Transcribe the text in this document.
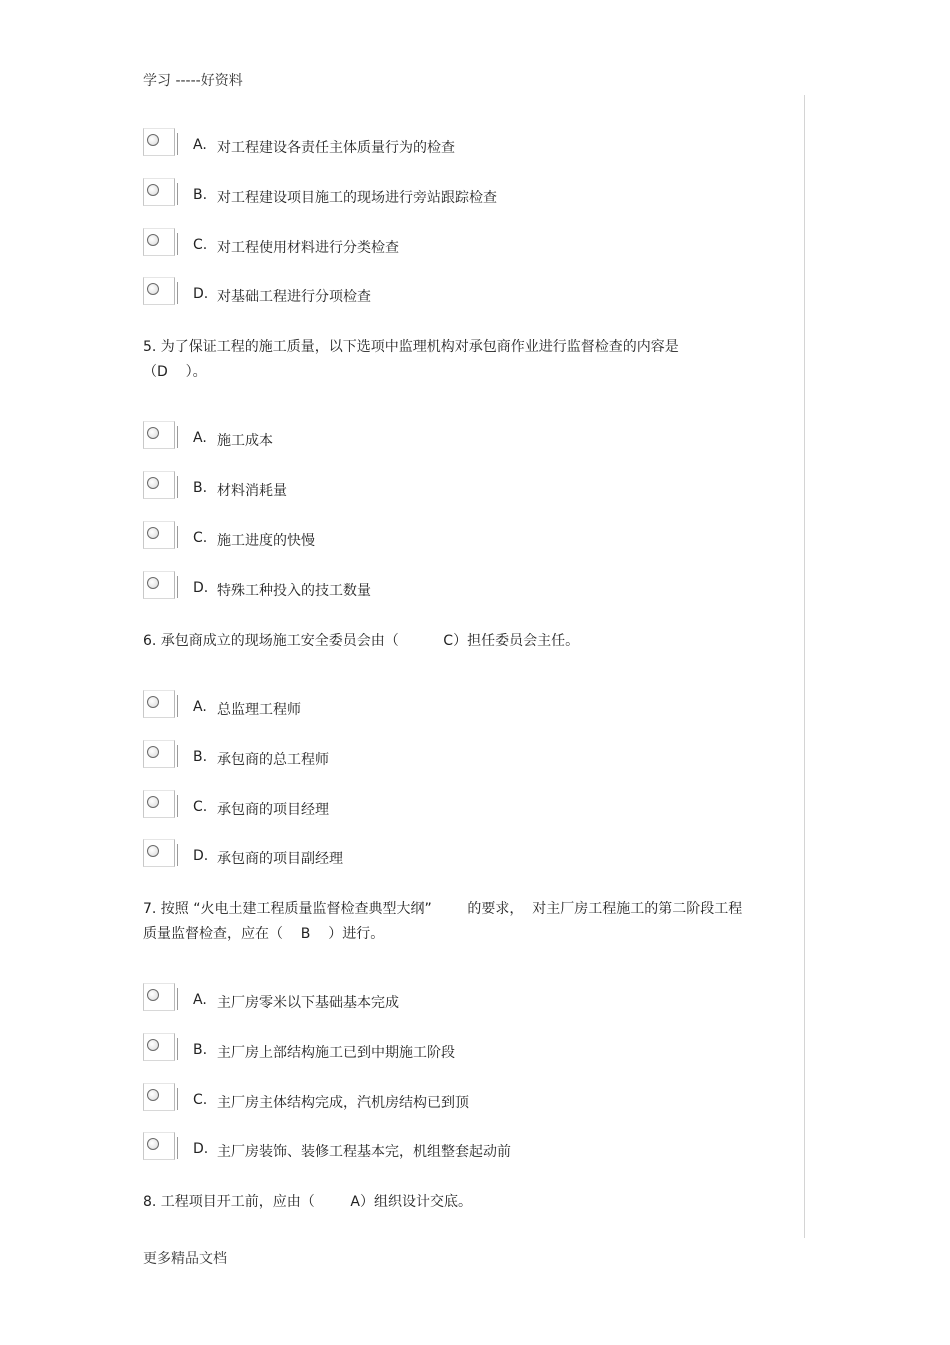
学习 -----好资料
A. 对工程建设各责任主体质量行为的检查
B. 对工程建设项目施工的现场进行旁站跟踪检查
C. 对工程使用材料进行分类检查
D. 对基础工程进行分项检查
5. 为了保证工程的施工质量，以下选项中监理机构对承包商作业进行监督检查的内容是
（D    ）。
A. 施工成本
B. 材料消耗量
C. 施工进度的快慢
D. 特殊工种投入的技工数量
6. 承包商成立的现场施工安全委员会由（          C）担任委员会主任。
A. 总监理工程师
B. 承包商的总工程师
C. 承包商的项目经理
D. 承包商的项目副经理
7. 按照 “火电土建工程质量监督检查典型大纲”        的要求，  对主厂房工程施工的第二阶段工程
质量监督检查，应在（    B    ）进行。
A. 主厂房零米以下基础基本完成
B. 主厂房上部结构施工已到中期施工阶段
C. 主厂房主体结构完成，汽机房结构已到顶
D. 主厂房装饰、装修工程基本完，机组整套起动前
8. 工程项目开工前，应由（        A）组织设计交底。
更多精品文档
